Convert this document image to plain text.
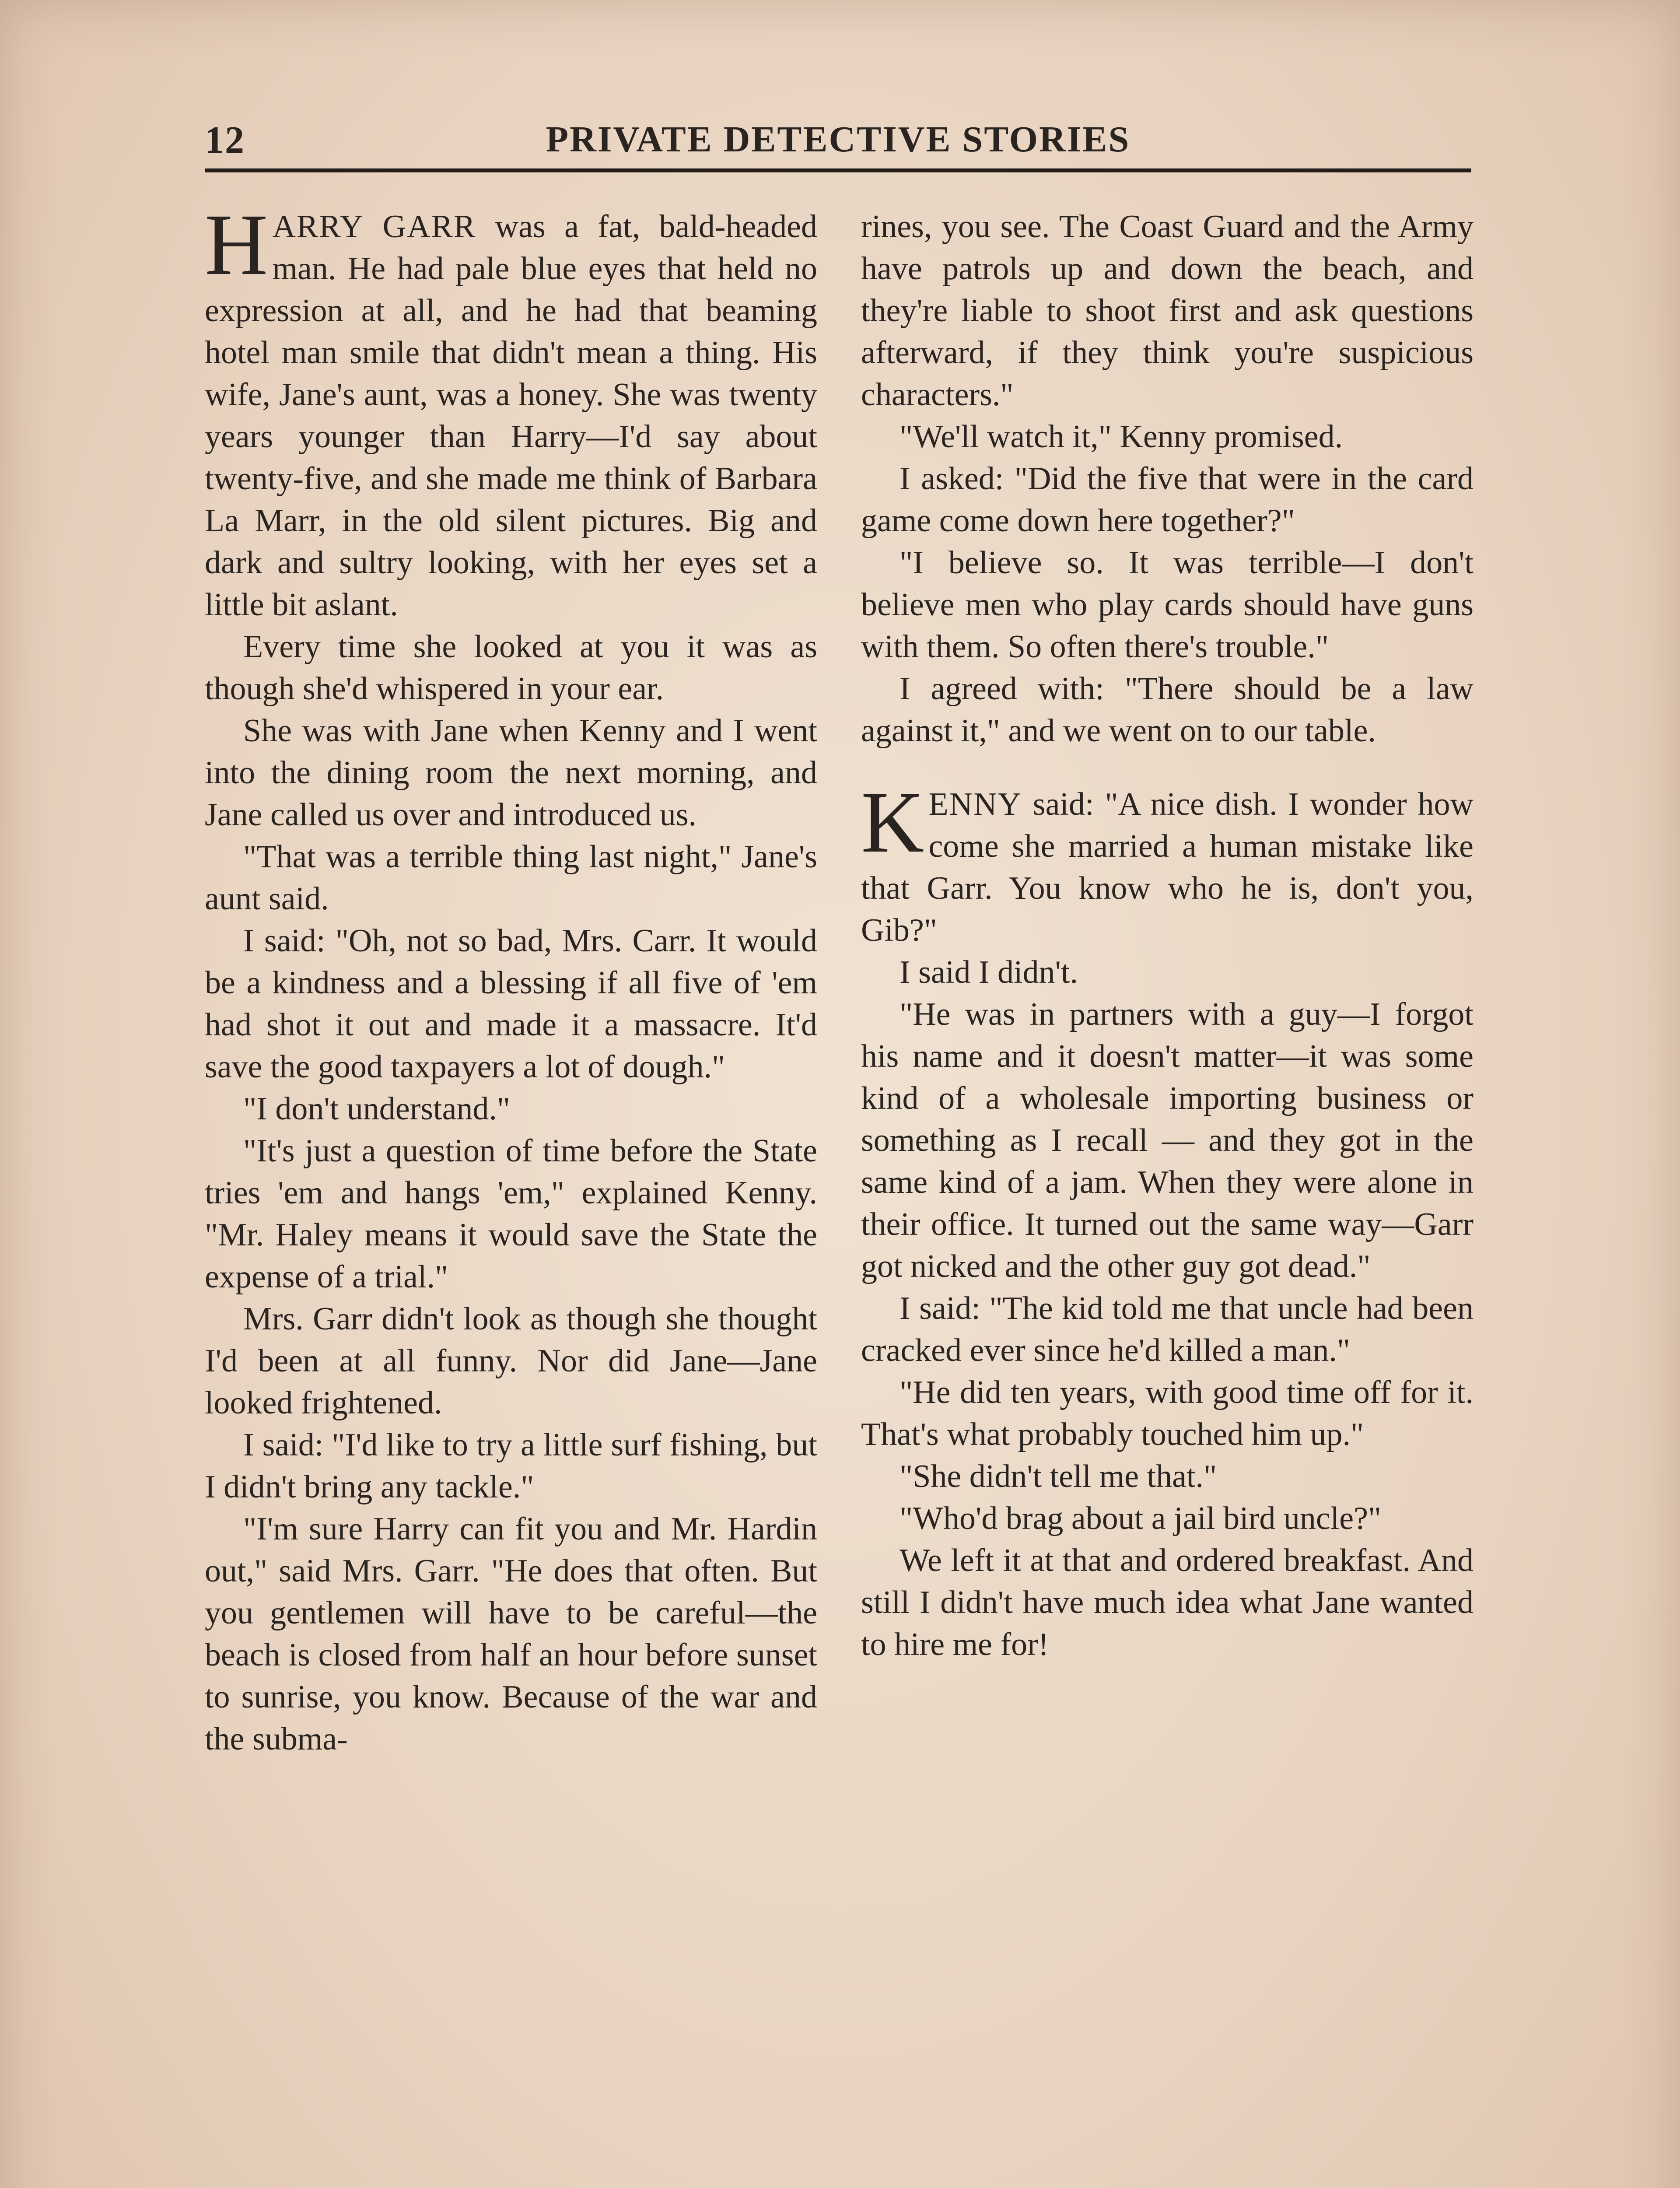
12	PRIVATE DETECTIVE STORIES

HARRY GARR was a fat, bald-headed man. He had pale blue eyes that held no expression at all, and he had that beaming hotel man smile that didn't mean a thing. His wife, Jane's aunt, was a honey. She was twenty years younger than Harry—I'd say about twenty-five, and she made me think of Barbara La Marr, in the old silent pictures. Big and dark and sultry looking, with her eyes set a little bit aslant.

Every time she looked at you it was as though she'd whispered in your ear.

She was with Jane when Kenny and I went into the dining room the next morning, and Jane called us over and introduced us.

"That was a terrible thing last night," Jane's aunt said.

I said: "Oh, not so bad, Mrs. Carr. It would be a kindness and a blessing if all five of 'em had shot it out and made it a massacre. It'd save the good taxpayers a lot of dough."

"I don't understand."

"It's just a question of time before the State tries 'em and hangs 'em," explained Kenny. "Mr. Haley means it would save the State the expense of a trial."

Mrs. Garr didn't look as though she thought I'd been at all funny. Nor did Jane—Jane looked frightened.

I said: "I'd like to try a little surf fishing, but I didn't bring any tackle."

"I'm sure Harry can fit you and Mr. Hardin out," said Mrs. Garr. "He does that often. But you gentlemen will have to be careful—the beach is closed from half an hour before sunset to sunrise, you know. Because of the war and the subma-

rines, you see. The Coast Guard and the Army have patrols up and down the beach, and they're liable to shoot first and ask questions afterward, if they think you're suspicious characters."

"We'll watch it," Kenny promised.

I asked: "Did the five that were in the card game come down here together?"

"I believe so. It was terrible—I don't believe men who play cards should have guns with them. So often there's trouble."

I agreed with: "There should be a law against it," and we went on to our table.

KENNY said: "A nice dish. I wonder how come she married a human mistake like that Garr. You know who he is, don't you, Gib?"

I said I didn't.

"He was in partners with a guy—I forgot his name and it doesn't matter—it was some kind of a wholesale importing business or something as I recall — and they got in the same kind of a jam. When they were alone in their office. It turned out the same way—Garr got nicked and the other guy got dead."

I said: "The kid told me that uncle had been cracked ever since he'd killed a man."

"He did ten years, with good time off for it. That's what probably touched him up."

"She didn't tell me that."

"Who'd brag about a jail bird uncle?"

We left it at that and ordered breakfast. And still I didn't have much idea what Jane wanted to hire me for!
